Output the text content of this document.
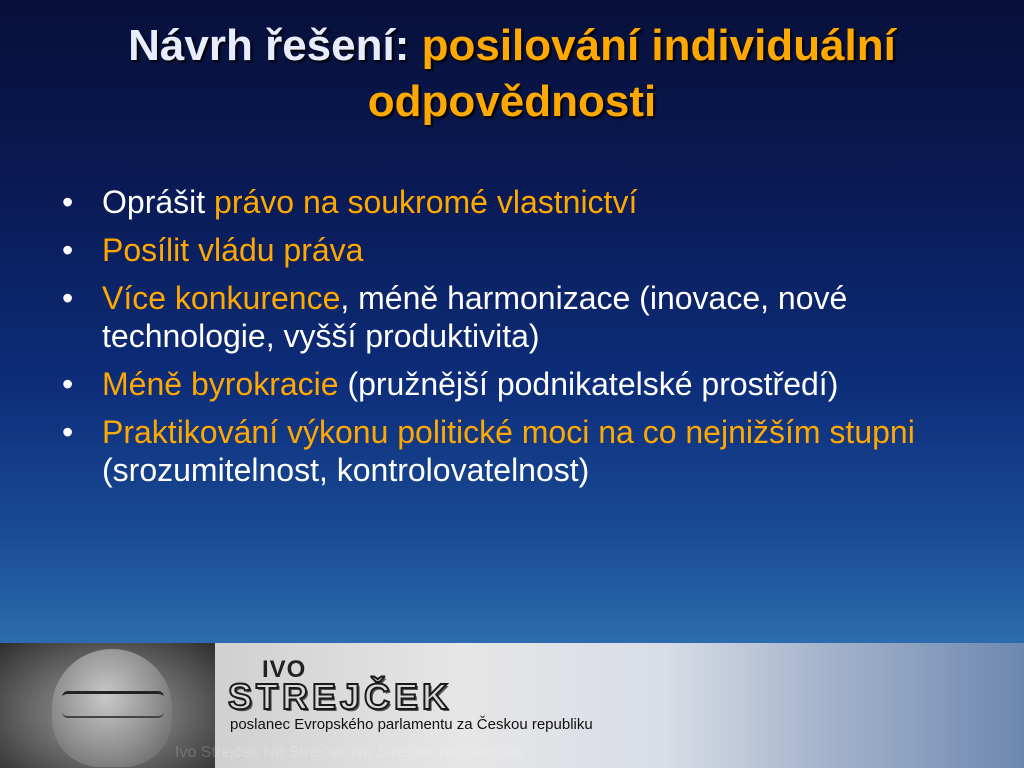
Návrh řešení: posilování individuální odpovědnosti
• Oprášit právo na soukromé vlastnictví
• Posílit vládu práva
• Více konkurence, méně harmonizace (inovace, nové technologie, vyšší produktivita)
• Méně byrokracie (pružnější podnikatelské prostředí)
• Praktikování výkonu politické moci na co nejnižším stupni (srozumitelnost, kontrolovatelnost)
IVO
STREJČEK
poslanec Evropského parlamentu za Českou republiku
Ivo Strejček Ivo Strejček Ivo Strejček Ivo Strejček
